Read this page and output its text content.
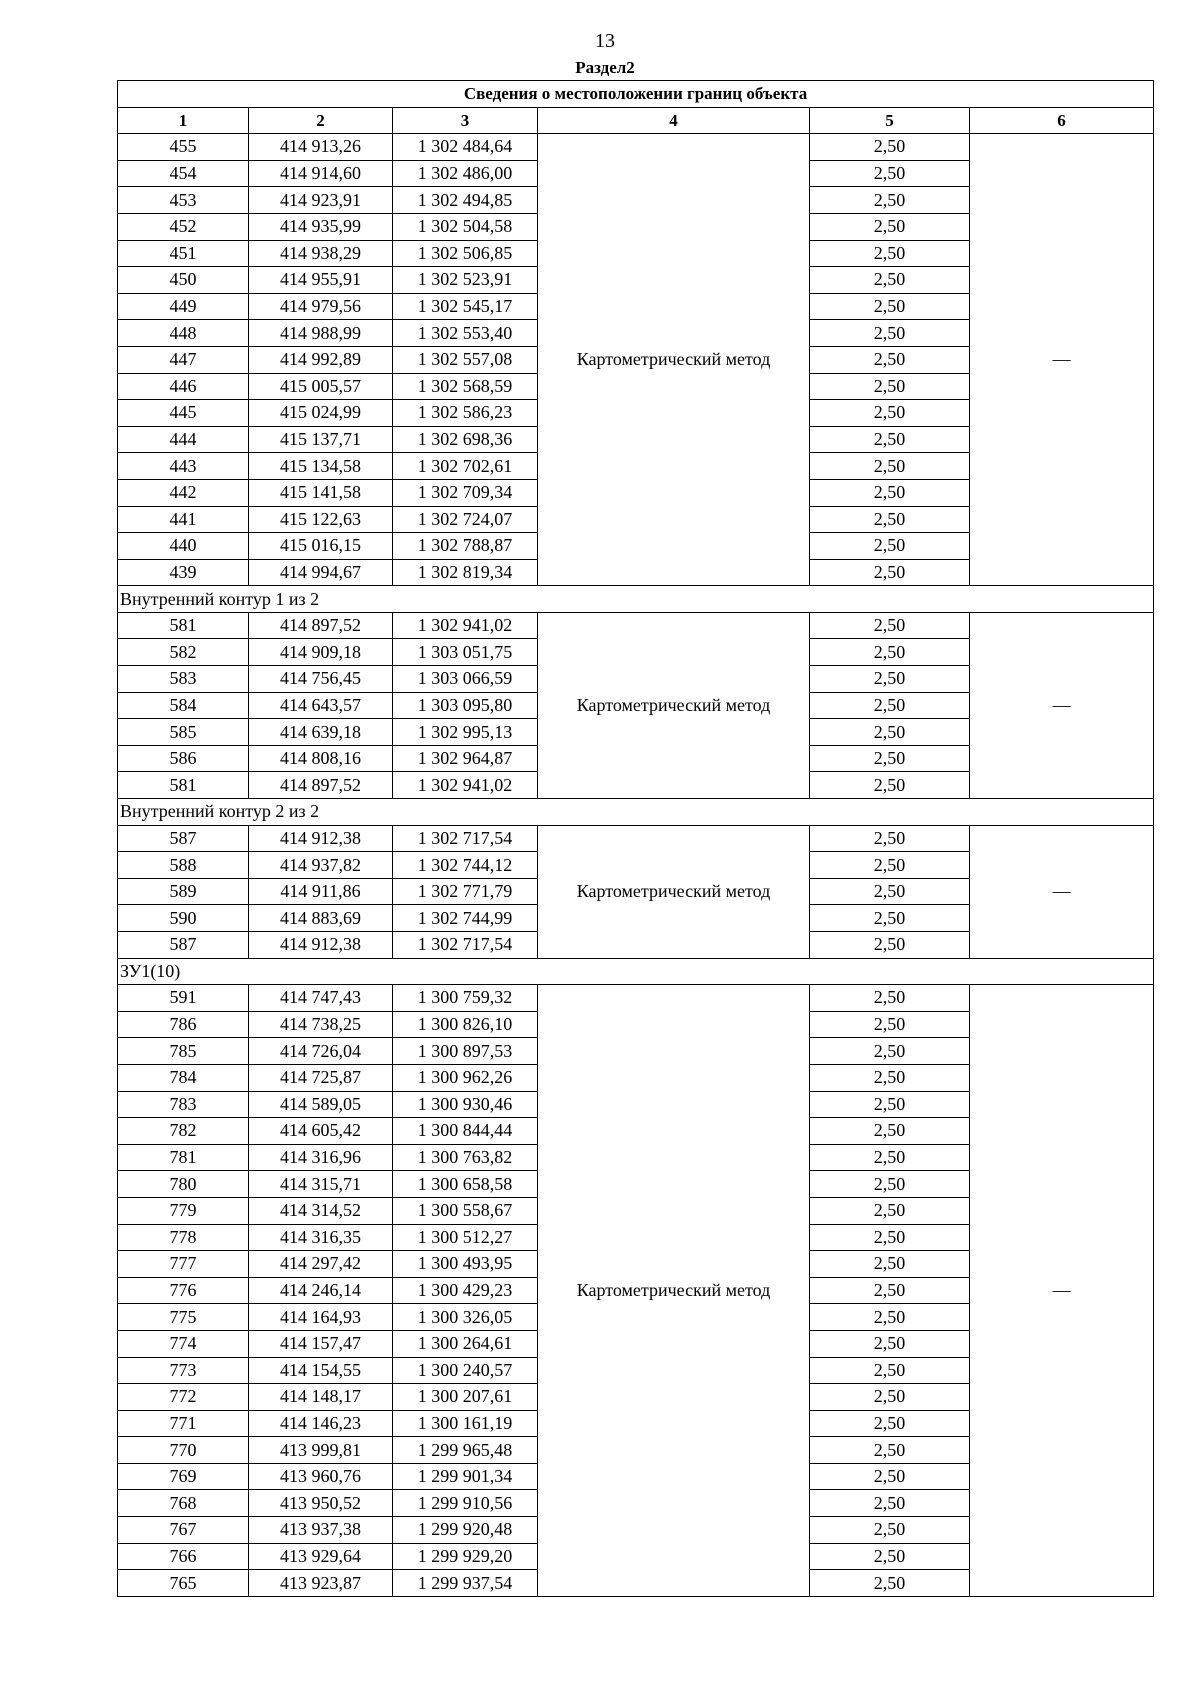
13
Раздел2
Сведения о местоположении границ объекта					
1	2	3	4	5	6
455	414 913,26	1 302 484,64	Картометрический метод	2,50	—
454	414 914,60	1 302 486,00		2,50	
453	414 923,91	1 302 494,85		2,50	
452	414 935,99	1 302 504,58		2,50	
451	414 938,29	1 302 506,85		2,50	
450	414 955,91	1 302 523,91		2,50	
449	414 979,56	1 302 545,17		2,50	
448	414 988,99	1 302 553,40		2,50	
447	414 992,89	1 302 557,08		2,50	
446	415 005,57	1 302 568,59		2,50	
445	415 024,99	1 302 586,23		2,50	
444	415 137,71	1 302 698,36		2,50	
443	415 134,58	1 302 702,61		2,50	
442	415 141,58	1 302 709,34		2,50	
441	415 122,63	1 302 724,07		2,50	
440	415 016,15	1 302 788,87		2,50	
439	414 994,67	1 302 819,34		2,50	
Внутренний контур 1 из 2					
581	414 897,52	1 302 941,02	Картометрический метод	2,50	—
582	414 909,18	1 303 051,75		2,50	
583	414 756,45	1 303 066,59		2,50	
584	414 643,57	1 303 095,80		2,50	
585	414 639,18	1 302 995,13		2,50	
586	414 808,16	1 302 964,87		2,50	
581	414 897,52	1 302 941,02		2,50	
Внутренний контур 2 из 2					
587	414 912,38	1 302 717,54	Картометрический метод	2,50	—
588	414 937,82	1 302 744,12		2,50	
589	414 911,86	1 302 771,79		2,50	
590	414 883,69	1 302 744,99		2,50	
587	414 912,38	1 302 717,54		2,50	
ЗУ1(10)					
591	414 747,43	1 300 759,32	Картометрический метод	2,50	—
786	414 738,25	1 300 826,10		2,50	
785	414 726,04	1 300 897,53		2,50	
784	414 725,87	1 300 962,26		2,50	
783	414 589,05	1 300 930,46		2,50	
782	414 605,42	1 300 844,44		2,50	
781	414 316,96	1 300 763,82		2,50	
780	414 315,71	1 300 658,58		2,50	
779	414 314,52	1 300 558,67		2,50	
778	414 316,35	1 300 512,27		2,50	
777	414 297,42	1 300 493,95		2,50	
776	414 246,14	1 300 429,23		2,50	
775	414 164,93	1 300 326,05		2,50	
774	414 157,47	1 300 264,61		2,50	
773	414 154,55	1 300 240,57		2,50	
772	414 148,17	1 300 207,61		2,50	
771	414 146,23	1 300 161,19		2,50	
770	413 999,81	1 299 965,48		2,50	
769	413 960,76	1 299 901,34		2,50	
768	413 950,52	1 299 910,56		2,50	
767	413 937,38	1 299 920,48		2,50	
766	413 929,64	1 299 929,20		2,50	
765	413 923,87	1 299 937,54		2,50	
